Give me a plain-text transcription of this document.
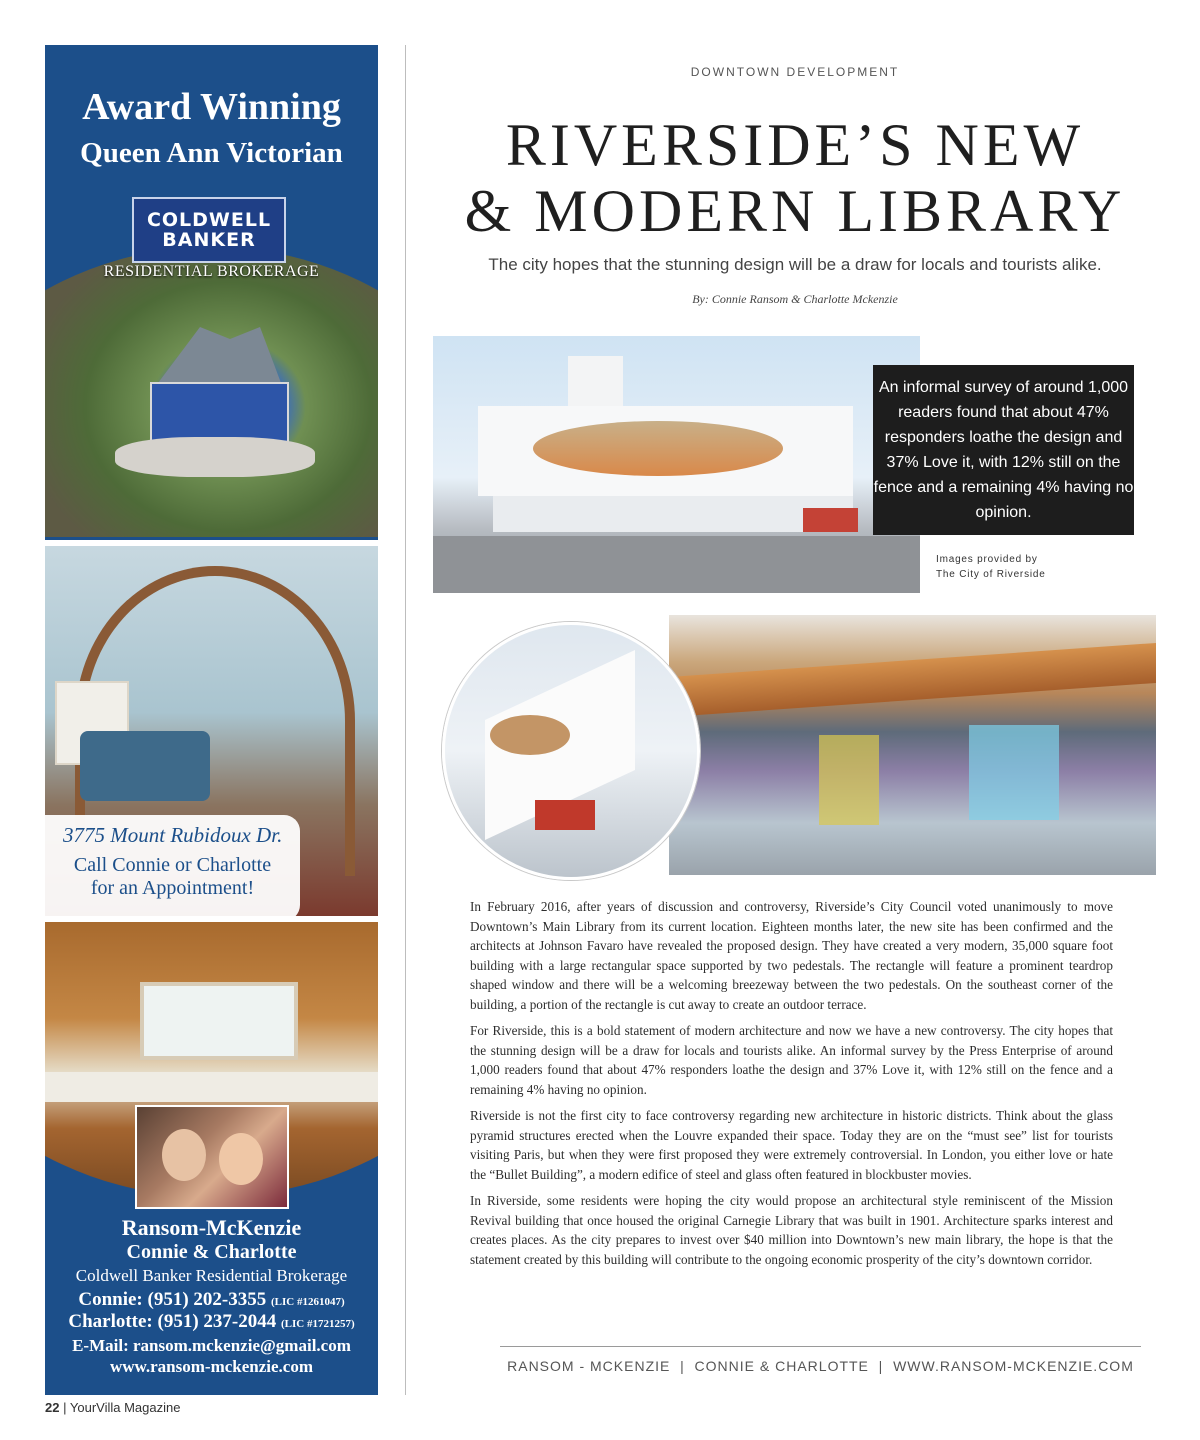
Award Winning
Queen Ann Victorian
COLDWELL BANKER
RESIDENTIAL BROKERAGE
3775 Mount Rubidoux Dr.
Call Connie or Charlotte
for an Appointment!
Ransom-McKenzie
Connie & Charlotte
Coldwell Banker Residential Brokerage
Connie: (951) 202-3355 (LIC #1261047)
Charlotte: (951) 237-2044 (LIC #1721257)
E-Mail: ransom.mckenzie@gmail.com
www.ransom-mckenzie.com
22 | YourVilla Magazine
DOWNTOWN DEVELOPMENT
RIVERSIDE’S NEW
& MODERN LIBRARY
The city hopes that the stunning design will be a draw for locals and tourists alike.
By: Connie Ransom & Charlotte Mckenzie
An informal survey of around 1,000 readers found that about 47% responders loathe the design and 37% Love it, with 12% still on the fence and a remaining 4% having no opinion.
Images provided by
The City of Riverside

In February 2016, after years of discussion and controversy, Riverside’s City Council voted unanimously to move Downtown’s Main Library from its current location. Eighteen months later, the new site has been confirmed and the architects at Johnson Favaro have revealed the proposed design. They have created a very modern, 35,000 square foot building with a large rectangular space supported by two pedestals. The rectangle will feature a prominent teardrop shaped window and there will be a welcoming breezeway between the two pedestals. On the southeast corner of the building, a portion of the rectangle is cut away to create an outdoor terrace.

For Riverside, this is a bold statement of modern architecture and now we have a new controversy. The city hopes that the stunning design will be a draw for locals and tourists alike. An informal survey by the Press Enterprise of around 1,000 readers found that about 47% responders loathe the design and 37% Love it, with 12% still on the fence and a remaining 4% having no opinion.

Riverside is not the first city to face controversy regarding new architecture in historic districts. Think about the glass pyramid structures erected when the Louvre expanded their space. Today they are on the “must see” list for tourists visiting Paris, but when they were first proposed they were extremely controversial. In London, you either love or hate the “Bullet Building”, a modern edifice of steel and glass often featured in blockbuster movies.

In Riverside, some residents were hoping the city would propose an architectural style reminiscent of the Mission Revival building that once housed the original Carnegie Library that was built in 1901. Architecture sparks interest and creates places. As the city prepares to invest over $40 million into Downtown’s new main library, the hope is that the statement created by this building will contribute to the ongoing economic prosperity of the city’s downtown corridor.

RANSOM - MCKENZIE  |  CONNIE & CHARLOTTE  |  WWW.RANSOM-MCKENZIE.COM
